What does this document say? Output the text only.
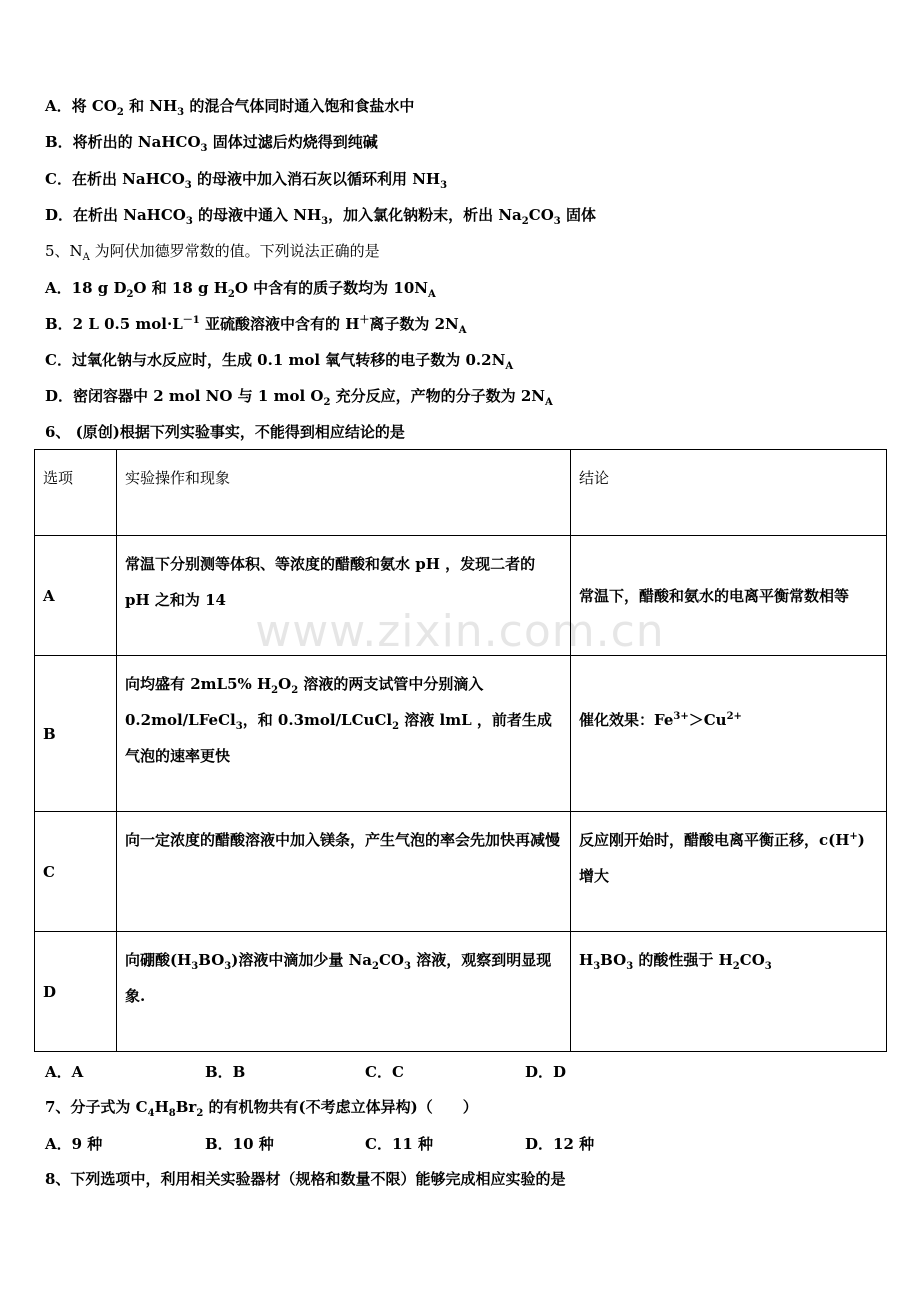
www.zixin.com.cn
A．将 $CO_2$ 和 $NH_3$ 的混合气体同时通入饱和食盐水中
B．将析出的 NaHCO$_3$ 固体过滤后灼烧得到纯碱
C．在析出 NaHCO$_3$ 的母液中加入消石灰以循环利用 $NH_3$
D．在析出 NaHCO$_3$ 的母液中通入 $NH_3$，加入氯化钠粉末，析出 $Na_2CO_3$ 固体
5、$N_A$ 为阿伏加德罗常数的值。下列说法正确的是
A．18 g $D_2O$ 和 18 g $H_2O$ 中含有的质子数均为 $10N_A$
B．2 L 0.5 $mol\cdot L^{-1}$ 亚硫酸溶液中含有的 H＋离子数为 $2N_A$
C．过氧化钠与水反应时，生成 0.1 mol 氧气转移的电子数为 $0.2N_A$
D．密闭容器中 2 mol NO 与 1 mol $O_2$ 充分反应，产物的分子数为 $2N_A$
6、 (原创)根据下列实验事实，不能得到相应结论的是
选项	实验操作和现象	结论
A	常温下分别测等体积、等浓度的醋酸和氨水 pH ，发现二者的 pH 之和为 14	常温下，醋酸和氨水的电离平衡常数相等
B	向均盛有 2mL5% $H_2O_2$ 溶液的两支试管中分别滴入 0.2mol/LFeCl$_3$，和 0.3mol/LCuCl$_2$ 溶液 lmL ，前者生成气泡的速率更快	催化效果：$Fe^{3+}>Cu^{2+}$
C	向一定浓度的醋酸溶液中加入镁条，产生气泡的率会先加快再减慢	反应刚开始时，醋酸电离平衡正移，c(H+) 增大
D	向硼酸$(H_3BO_3)$溶液中滴加少量 $Na_2CO_3$ 溶液，观察到明显现象.	$H_3BO_3$ 的酸性强于 $H_2CO_3$
A．A	B．B	C．C	D．D
7、分子式为 $C_4H_8Br_2$ 的有机物共有(不考虑立体异构)（　　）
A．9 种	B．10 种	C．11 种	D．12 种
8、下列选项中，利用相关实验器材（规格和数量不限）能够完成相应实验的是
